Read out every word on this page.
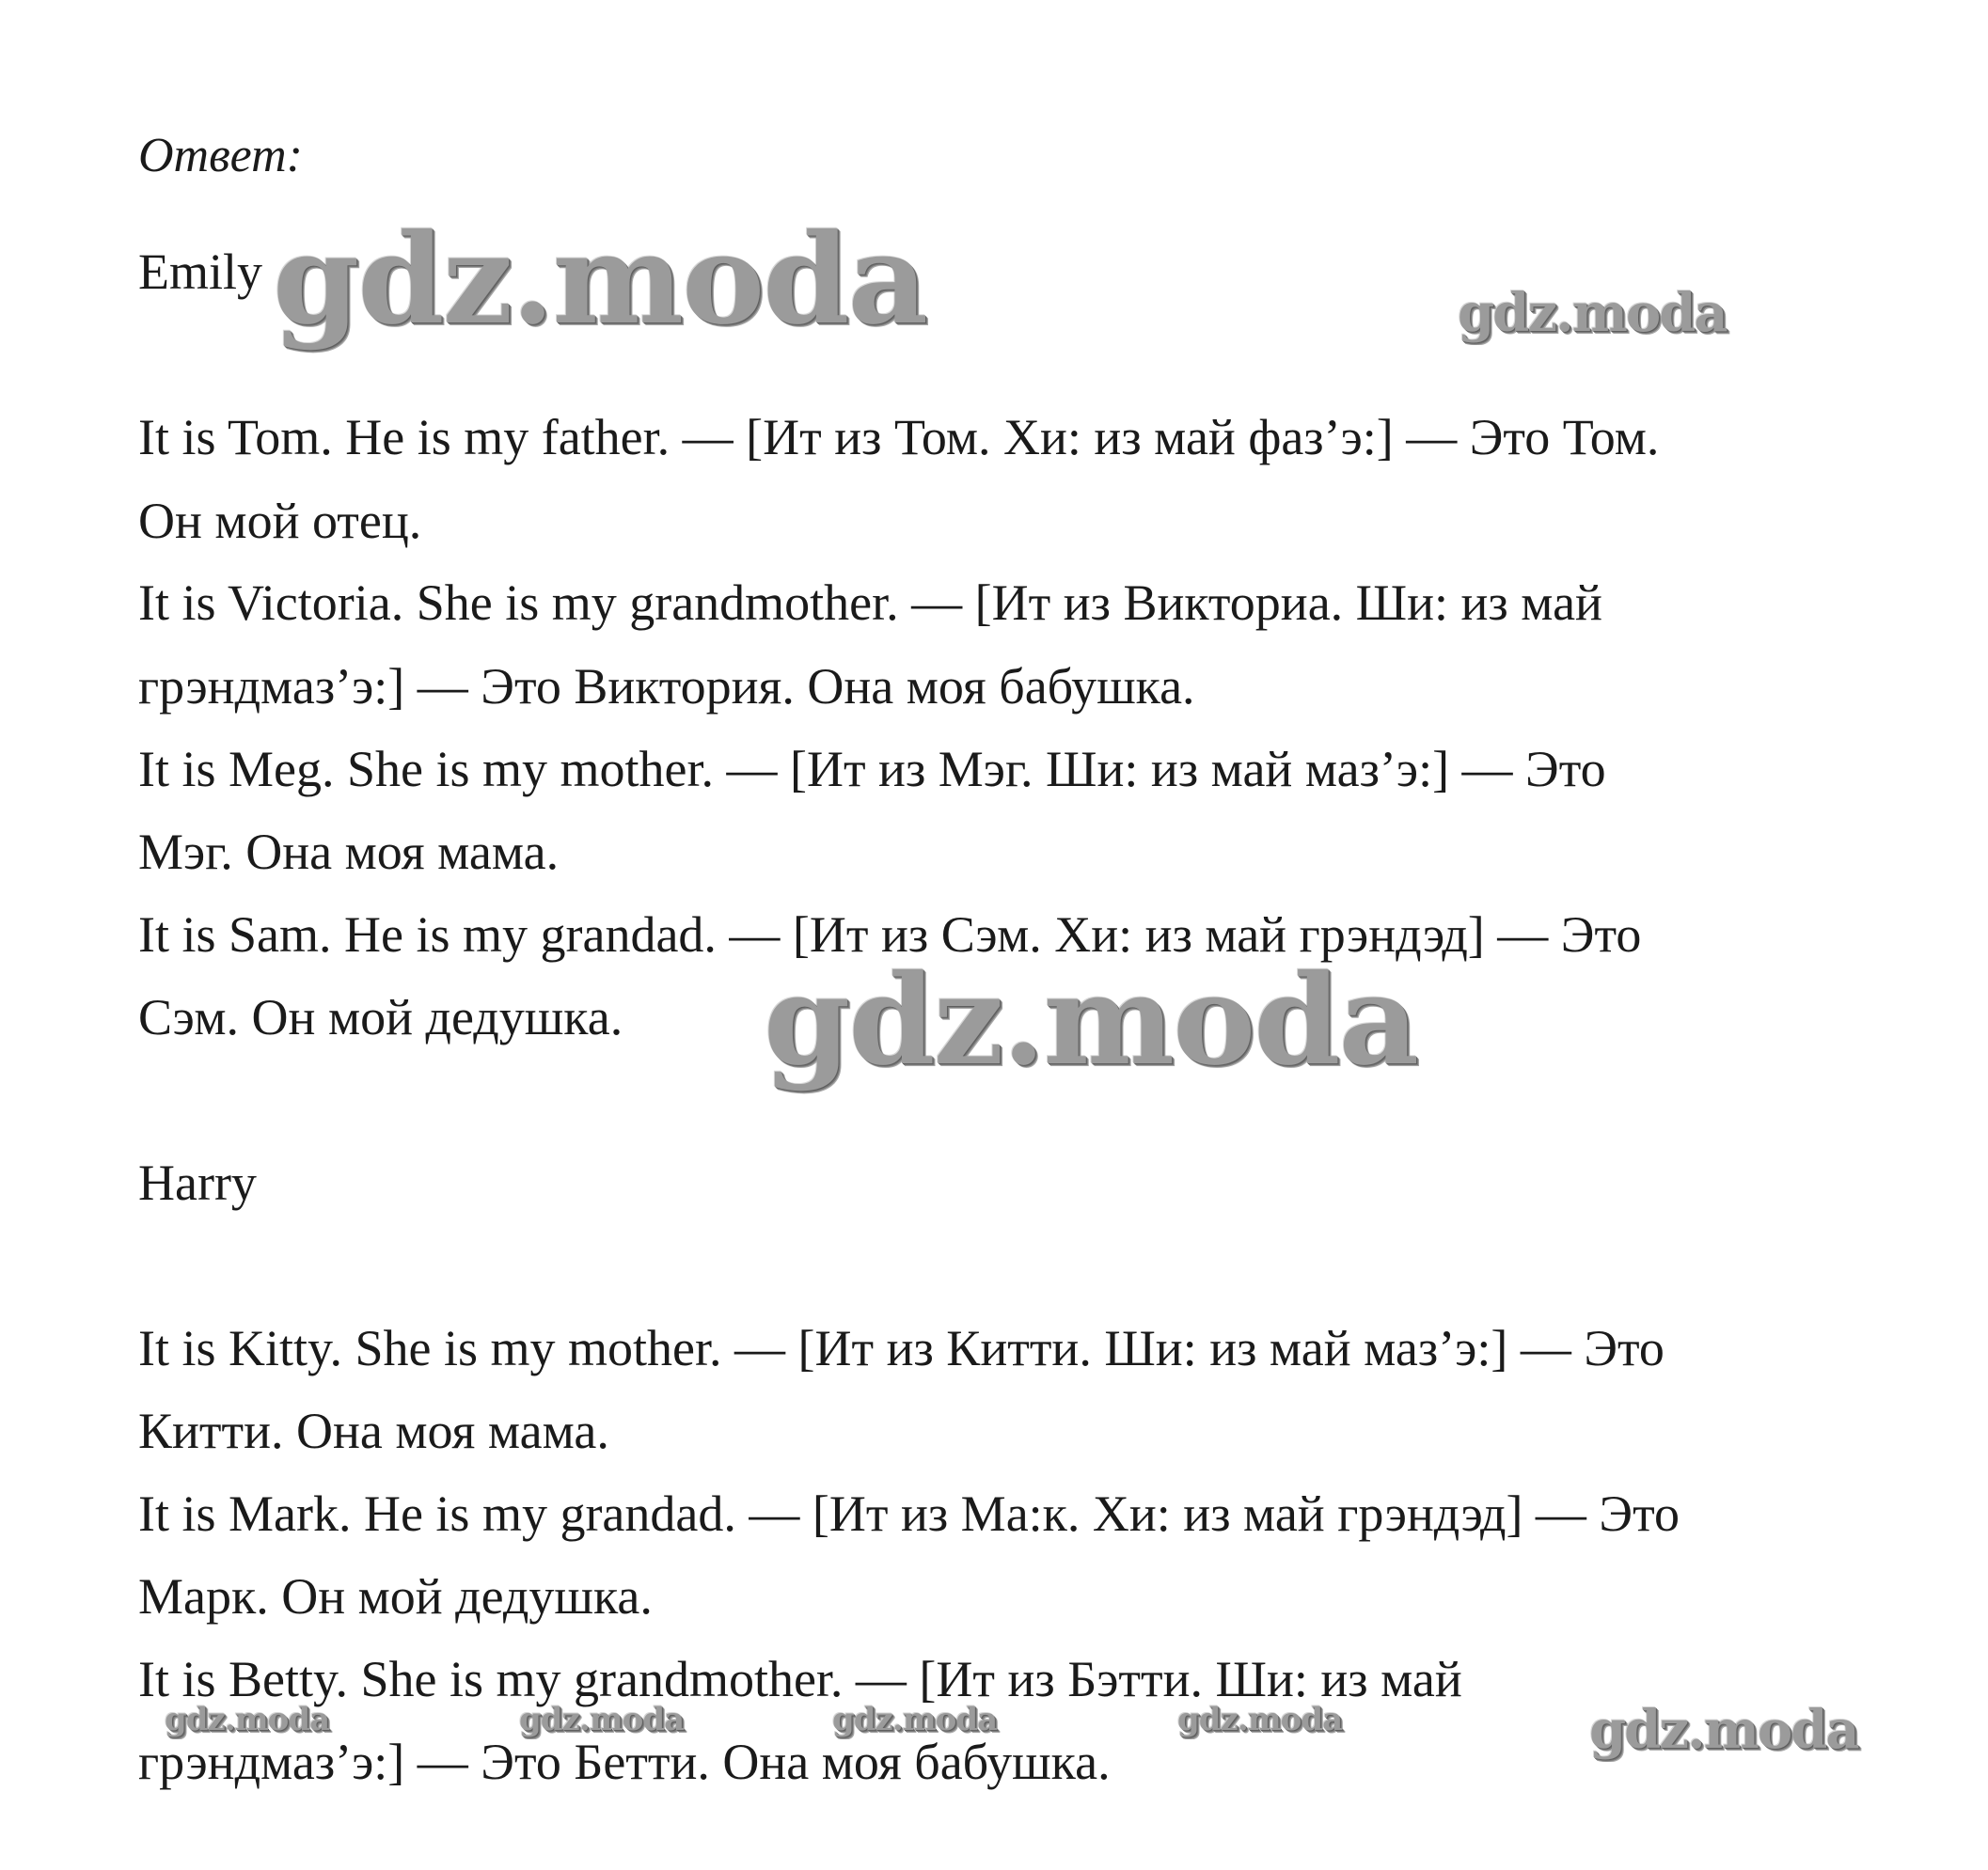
Ответ:
Emily
It is Tom. He is my father. — [Ит из Том. Хи: из май фаз’э:] — Это Том.
Он мой отец.
It is Victoria. She is my grandmother. — [Ит из Викториа. Ши: из май
грэндмаз’э:] — Это Виктория. Она моя бабушка.
It is Meg. She is my mother. — [Ит из Мэг. Ши: из май маз’э:] — Это
Мэг. Она моя мама.
It is Sam. He is my grandad. — [Ит из Сэм. Хи: из май грэндэд] — Это
Сэм. Он мой дедушка.
Harry
It is Kitty. She is my mother. — [Ит из Китти. Ши: из май маз’э:] — Это
Китти. Она моя мама.
It is Mark. He is my grandad. — [Ит из Ма:к. Хи: из май грэндэд] — Это
Марк. Он мой дедушка.
It is Betty. She is my grandmother. — [Ит из Бэтти. Ши: из май
грэндмаз’э:] — Это Бетти. Она моя бабушка.
gdz.moda	gdz.moda
gdz.moda
gdz.moda	gdz.moda	gdz.moda	gdz.moda	gdz.moda
